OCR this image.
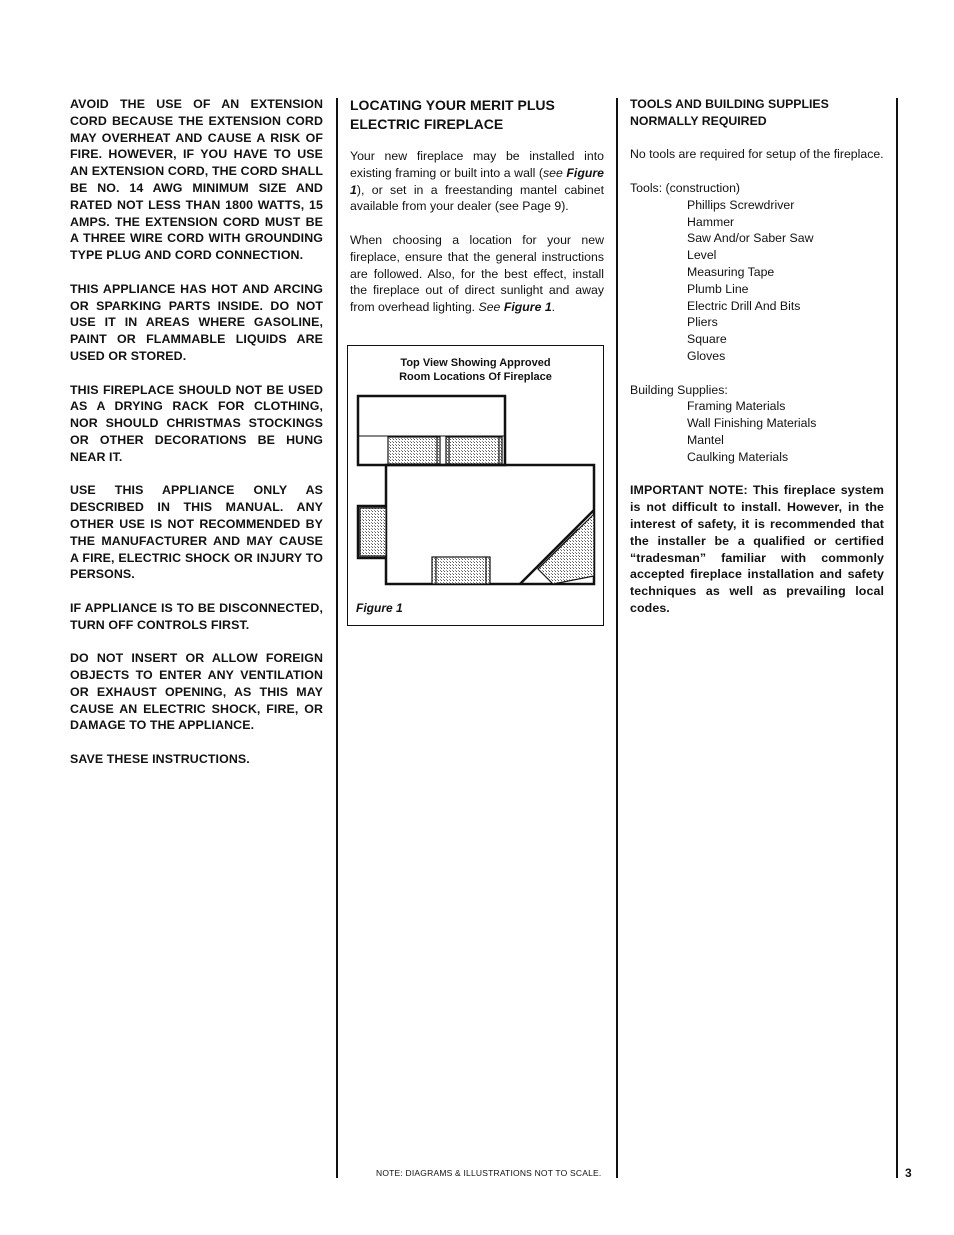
AVOID THE USE OF AN EXTENSION CORD BECAUSE THE EXTENSION CORD MAY OVERHEAT AND CAUSE A RISK OF FIRE. HOWEVER, IF YOU HAVE TO USE AN EXTENSION CORD, THE CORD SHALL BE NO. 14 AWG MINIMUM SIZE AND RATED NOT LESS THAN 1800 WATTS, 15 AMPS. THE EXTENSION CORD MUST BE A THREE WIRE CORD WITH GROUNDING TYPE PLUG AND CORD CONNECTION.

THIS APPLIANCE HAS HOT AND ARCING OR SPARKING PARTS INSIDE. DO NOT USE IT IN AREAS WHERE GASOLINE, PAINT OR FLAMMABLE LIQUIDS ARE USED OR STORED.

THIS FIREPLACE SHOULD NOT BE USED AS A DRYING RACK FOR CLOTHING, NOR SHOULD CHRISTMAS STOCKINGS OR OTHER DECORATIONS BE HUNG NEAR IT.

USE THIS APPLIANCE ONLY AS DESCRIBED IN THIS MANUAL. ANY OTHER USE IS NOT RECOMMENDED BY THE MANUFACTURER AND MAY CAUSE A FIRE, ELECTRIC SHOCK OR INJURY TO PERSONS.

IF APPLIANCE IS TO BE DISCONNECTED, TURN OFF CONTROLS FIRST.

DO NOT INSERT OR ALLOW FOREIGN OBJECTS TO ENTER ANY VENTILATION OR EXHAUST OPENING, AS THIS MAY CAUSE AN ELECTRIC SHOCK, FIRE, OR DAMAGE TO THE APPLIANCE.

SAVE THESE INSTRUCTIONS.

LOCATING YOUR MERIT PLUS ELECTRIC FIREPLACE

Your new fireplace may be installed into existing framing or built into a wall (see Figure 1), or set in a freestanding mantel cabinet available from your dealer (see Page 9).

When choosing a location for your new fireplace, ensure that the general instructions are followed. Also, for the best effect, install the fireplace out of direct sunlight and away from overhead lighting. See Figure 1.

Top View Showing Approved
Room Locations Of Fireplace
Figure 1
TOOLS AND BUILDING SUPPLIES
NORMALLY REQUIRED

No tools are required for setup of the fireplace.

Tools: (construction)

Phillips Screwdriver
Hammer
Saw And/or Saber Saw
Level
Measuring Tape
Plumb Line
Electric Drill And Bits
Pliers
Square
Gloves

Building Supplies:

Framing Materials
Wall Finishing Materials
Mantel
Caulking Materials

IMPORTANT NOTE: This fireplace system is not difficult to install. However, in the interest of safety, it is recommended that the installer be a qualified or certified “tradesman” familiar with commonly accepted fireplace installation and safety techniques as well as prevailing local codes.

NOTE: DIAGRAMS & ILLUSTRATIONS NOT TO SCALE.	3
